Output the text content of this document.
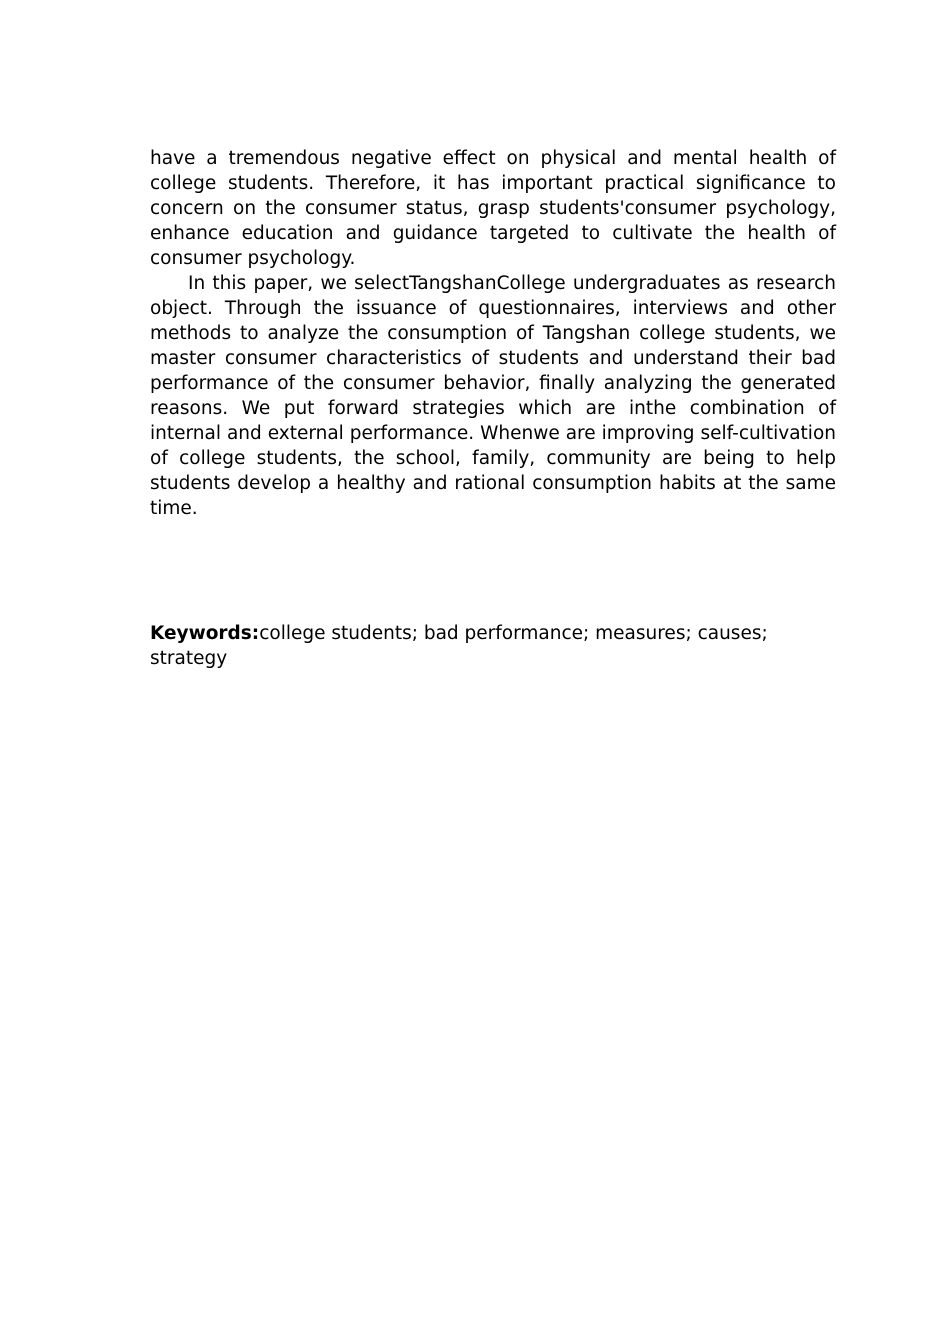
have a tremendous negative effect on physical and mental health of college students. Therefore, it has important practical significance to concern on the consumer status, grasp students'consumer psychology, enhance education and guidance targeted to cultivate the health of consumer psychology.

In this paper, we selectTangshanCollege undergraduates as research object. Through the issuance of questionnaires, interviews and other methods to analyze the consumption of Tangshan college students, we master consumer characteristics of students and understand their bad performance of the consumer behavior, finally analyzing the generated reasons. We put forward strategies which are inthe combination of internal and external performance. Whenwe are improving self-cultivation of college students, the school, family, community are being to help students develop a healthy and rational consumption habits at the same time.

Keywords:college students; bad performance; measures; causes; strategy
